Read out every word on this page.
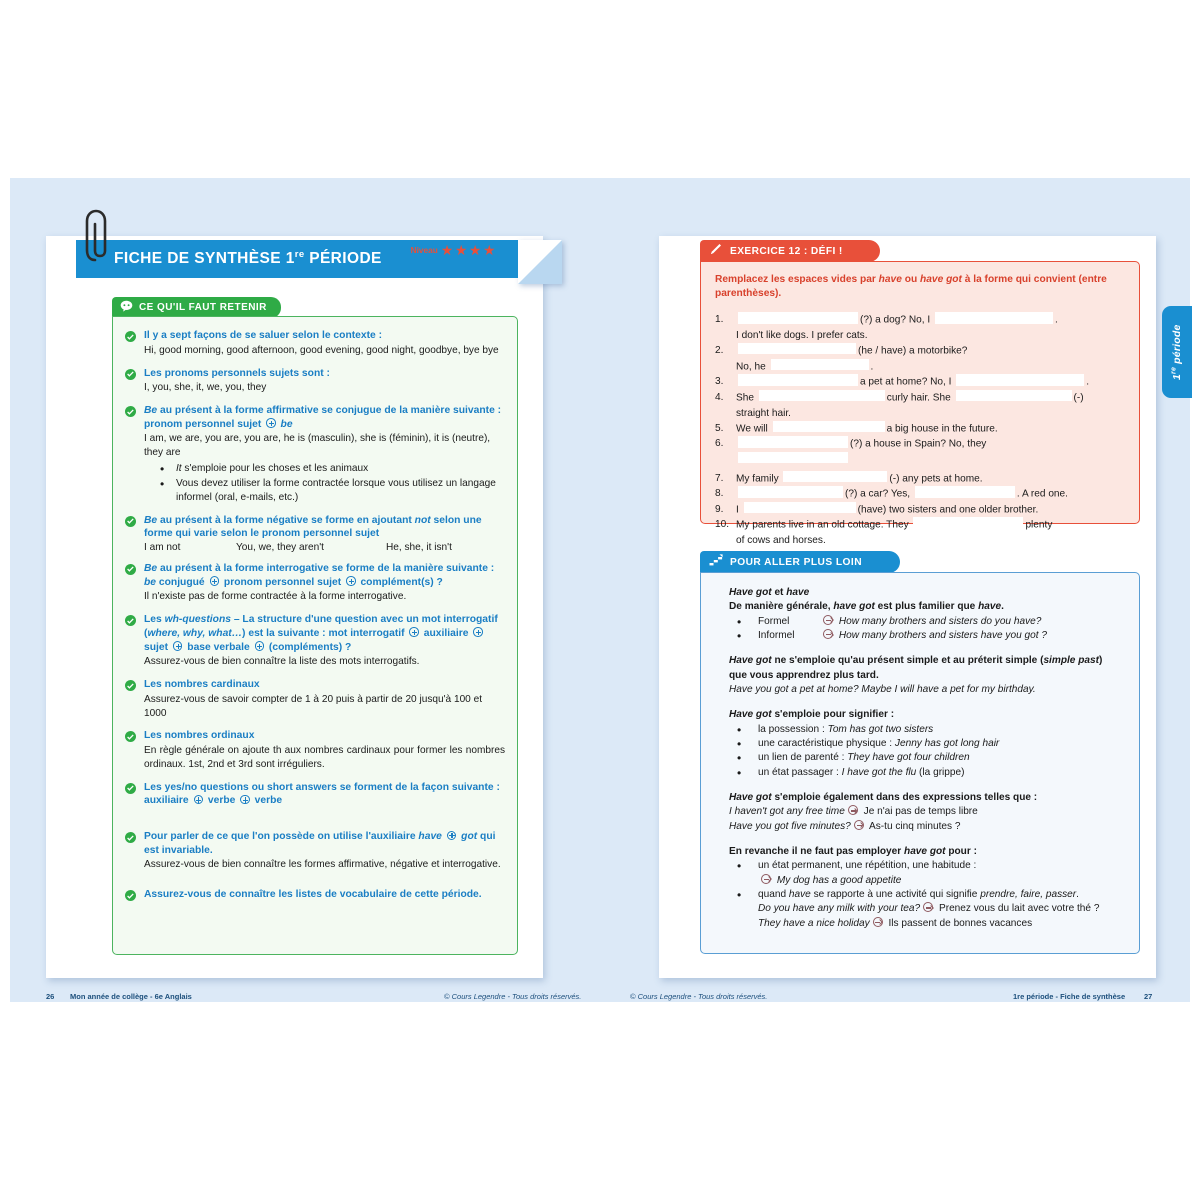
FICHE DE SYNTHÈSE 1re PÉRIODE
CE QU'IL FAUT RETENIR
Il y a sept façons de se saluer selon le contexte :
Hi, good morning, good afternoon, good evening, good night, goodbye, bye bye
Les pronoms personnels sujets sont :
I, you, she, it, we, you, they
Be au présent à la forme affirmative se conjugue de la manière suivante : pronom personnel sujet  be
I am, we are, you are, you are, he is (masculin), she is (féminin), it is (neutre), they are
• It s'emploie pour les choses et les animaux
• Vous devez utiliser la forme contractée lorsque vous utilisez un langage informel (oral, e-mails, etc.)
Be au présent à la forme négative se forme en ajoutant not selon une forme qui varie selon le pronom personnel sujet
I am not	You, we, they aren't	He, she, it isn't
Be au présent à la forme interrogative se forme de la manière suivante : be conjugué  pronom personnel sujet  complément(s) ?
Il n'existe pas de forme contractée à la forme interrogative.
Les wh-questions – La structure d'une question avec un mot interrogatif (where, why, what…) est la suivante : mot interrogatif  auxiliaire  sujet  base verbale  (compléments) ?
Assurez-vous de bien connaître la liste des mots interrogatifs.
Les nombres cardinaux
Assurez-vous de savoir compter de 1 à 20 puis à partir de 20 jusqu'à 100 et 1000
Les nombres ordinaux
En règle générale on ajoute th aux nombres cardinaux pour former les nombres ordinaux. 1st, 2nd et 3rd sont irréguliers.
Les yes/no questions ou short answers se forment de la façon suivante : auxiliaire  verbe  verbe
Pour parler de ce que l'on possède on utilise l'auxiliaire have got qui est invariable.
Assurez-vous de bien connaître les formes affirmative, négative et interrogative.
Assurez-vous de connaître les listes de vocabulaire de cette période.
EXERCICE 12 : DÉFI !
Niveau ★★★★
Remplacez les espaces vides par have ou have got à la forme qui convient (entre parenthèses).
1.	(?) a dog? No, I	.
I don't like dogs. I prefer cats.
2.	(he / have) a motorbike?
No, he	.
3.	a pet at home? No, I	.
4.	She	curly hair. She	(-)
straight hair.
5.	We will	a big house in the future.
6.	(?) a house in Spain? No, they
7.	My family	(-) any pets at home.
8.	(?) a car? Yes,	. A red one.
9.	I	(have) two sisters and one older brother.
10. My parents live in an old cottage. They	plenty
of cows and horses.
POUR ALLER PLUS LOIN
Have got et have
De manière générale, have got est plus familier que have.
• Formel	How many brothers and sisters do you have?
• Informel	How many brothers and sisters have you got ?
Have got ne s'emploie qu'au présent simple et au préterit simple (simple past) que vous apprendrez plus tard.
Have you got a pet at home? Maybe I will have a pet for my birthday.
Have got s'emploie pour signifier :
• la possession : Tom has got two sisters
• une caractéristique physique : Jenny has got long hair
• un lien de parenté : They have got four children
• un état passager : I have got the flu (la grippe)
Have got s'emploie également dans des expressions telles que :
I haven't got any free time Je n'ai pas de temps libre
Have you got five minutes? As-tu cinq minutes ?
En revanche il ne faut pas employer have got pour :
• un état permanent, une répétition, une habitude :
My dog has a good appetite
• quand have se rapporte à une activité qui signifie prendre, faire, passer.
Do you have any milk with your tea? Prenez vous du lait avec votre thé ?
They have a nice holiday Ils passent de bonnes vacances
1re période
26 Mon année de collège - 6e Anglais	© Cours Legendre - Tous droits réservés.	© Cours Legendre - Tous droits réservés.	1re période - Fiche de synthèse	27
